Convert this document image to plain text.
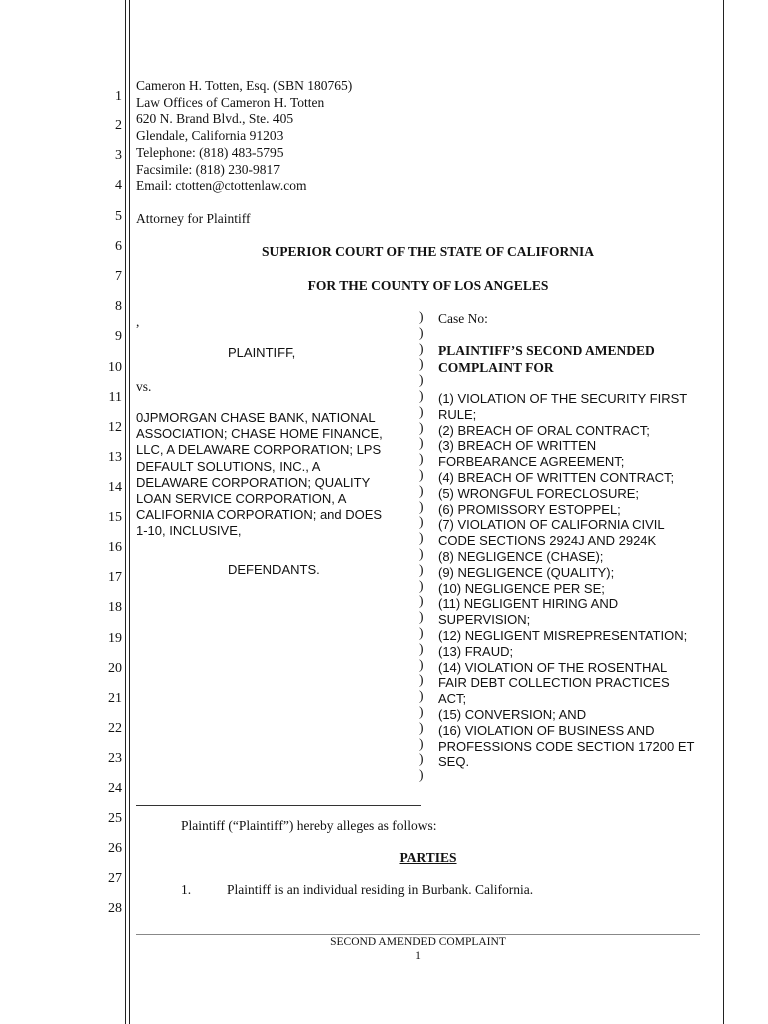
1
2
3
4
5
6
7
8
9
10
11
12
13
14
15
16
17
18
19
20
21
22
23
24
25
26
27
28
Cameron H. Totten, Esq. (SBN 180765)
Law Offices of Cameron H. Totten
620 N. Brand Blvd., Ste. 405
Glendale, California 91203
Telephone: (818) 483-5795
Facsimile: (818) 230-9817
Email: ctotten@ctottenlaw.com
Attorney for Plaintiff
SUPERIOR COURT OF THE STATE OF CALIFORNIA
FOR THE COUNTY OF LOS ANGELES
,
PLAINTIFF,
vs.
0JPMORGAN CHASE BANK, NATIONAL
ASSOCIATION; CHASE HOME FINANCE,
LLC, A DELAWARE CORPORATION; LPS
DEFAULT SOLUTIONS, INC., A
DELAWARE CORPORATION; QUALITY
LOAN SERVICE CORPORATION, A
CALIFORNIA CORPORATION; and DOES
1-10, INCLUSIVE,
DEFENDANTS.
)
)
)
)
)
)
)
)
)
)
)
)
)
)
)
)
)
)
)
)
)
)
)
)
)
)
)
)
)
)
Case No:
PLAINTIFF’S SECOND AMENDED
COMPLAINT FOR
(1) VIOLATION OF THE SECURITY FIRST
RULE;
(2) BREACH OF ORAL CONTRACT;
(3) BREACH OF WRITTEN
FORBEARANCE AGREEMENT;
(4) BREACH OF WRITTEN CONTRACT;
(5) WRONGFUL FORECLOSURE;
(6) PROMISSORY ESTOPPEL;
(7) VIOLATION OF CALIFORNIA CIVIL
CODE SECTIONS 2924J AND 2924K
(8) NEGLIGENCE (CHASE);
(9) NEGLIGENCE (QUALITY);
(10) NEGLIGENCE PER SE;
(11) NEGLIGENT HIRING AND
SUPERVISION;
(12) NEGLIGENT MISREPRESENTATION;
(13) FRAUD;
(14) VIOLATION OF THE ROSENTHAL
FAIR DEBT COLLECTION PRACTICES
ACT;
(15) CONVERSION; AND
(16) VIOLATION OF BUSINESS AND
PROFESSIONS CODE SECTION 17200 ET
SEQ.
Plaintiff (“Plaintiff”) hereby alleges as follows:
PARTIES
1.	Plaintiff is an individual residing in Burbank. California.
SECOND AMENDED COMPLAINT
1
